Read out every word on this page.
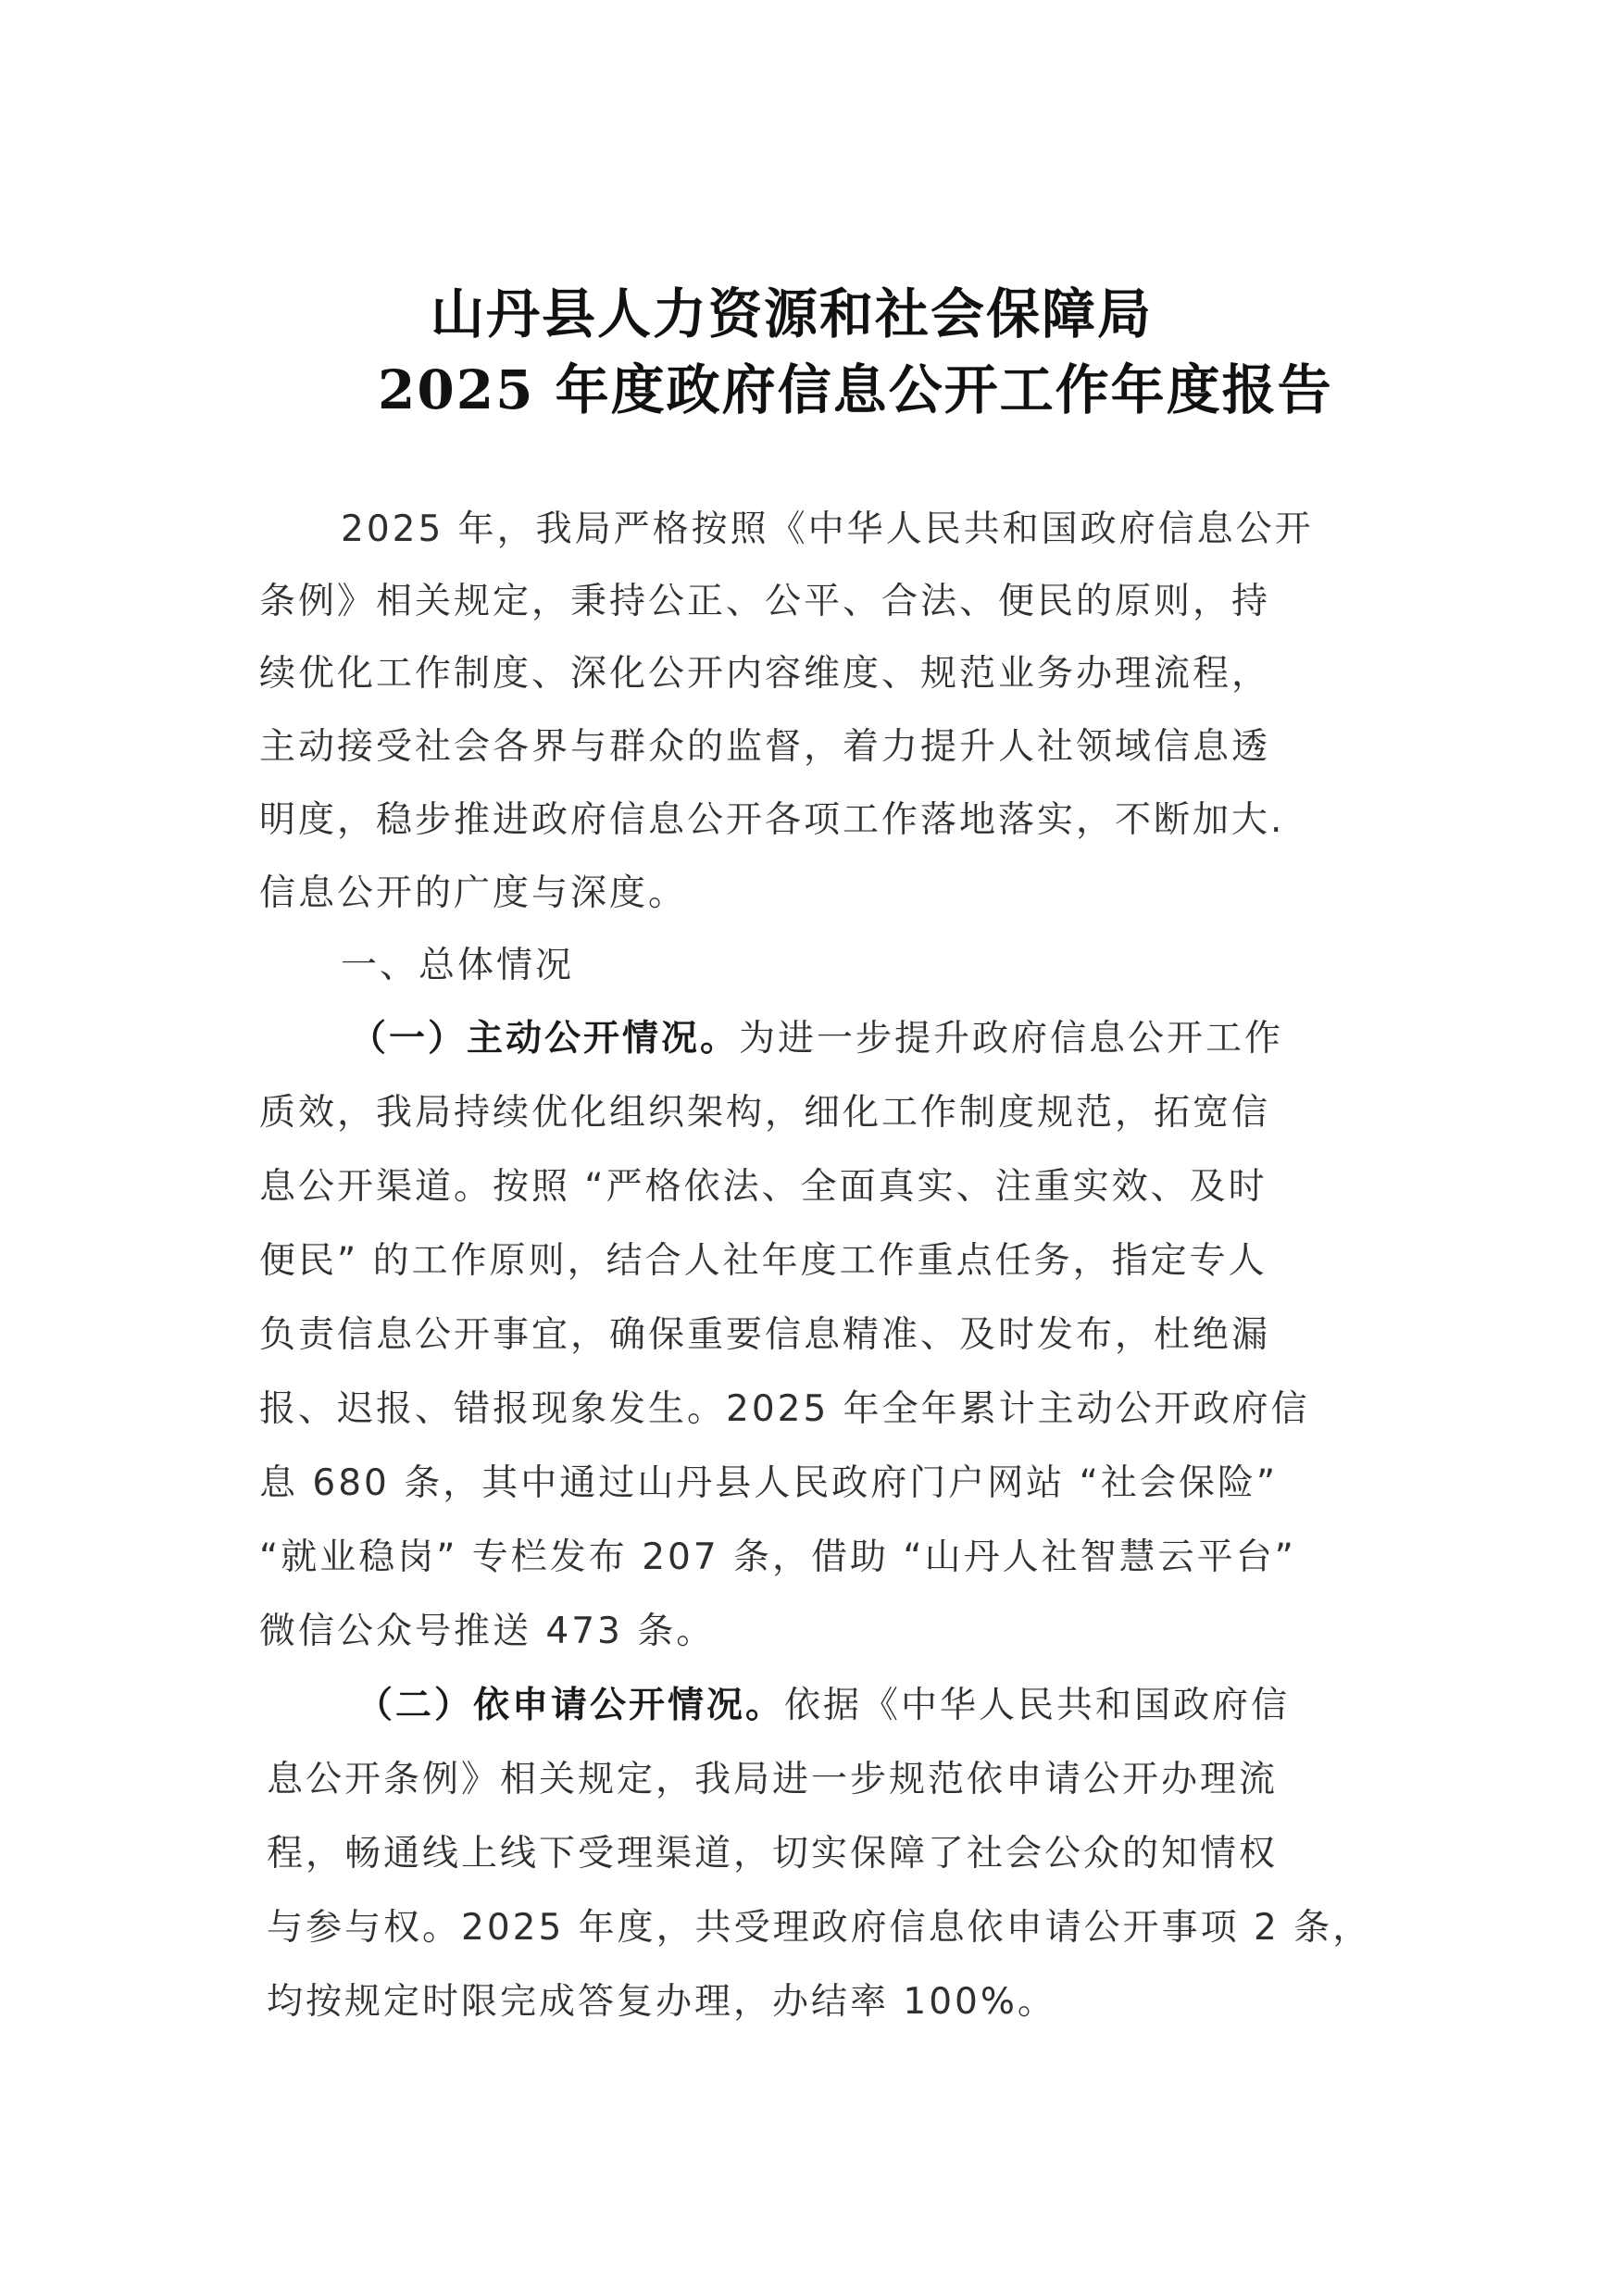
山丹县人力资源和社会保障局
2025 年度政府信息公开工作年度报告
2025 年，我局严格按照《中华人民共和国政府信息公开
条例》相关规定，秉持公正、公平、合法、便民的原则，持
续优化工作制度、深化公开内容维度、规范业务办理流程，
主动接受社会各界与群众的监督，着力提升人社领域信息透
明度，稳步推进政府信息公开各项工作落地落实，不断加大.
信息公开的广度与深度。
一、总体情况
（一）主动公开情况。为进一步提升政府信息公开工作
质效，我局持续优化组织架构，细化工作制度规范，拓宽信
息公开渠道。按照 “严格依法、全面真实、注重实效、及时
便民” 的工作原则，结合人社年度工作重点任务，指定专人
负责信息公开事宜，确保重要信息精准、及时发布，杜绝漏
报、迟报、错报现象发生。2025 年全年累计主动公开政府信
息 680 条，其中通过山丹县人民政府门户网站 “社会保险”
“就业稳岗” 专栏发布 207 条，借助 “山丹人社智慧云平台”
微信公众号推送 473 条。
（二）依申请公开情况。依据《中华人民共和国政府信
息公开条例》相关规定，我局进一步规范依申请公开办理流
程，畅通线上线下受理渠道，切实保障了社会公众的知情权
与参与权。2025 年度，共受理政府信息依申请公开事项 2 条，
均按规定时限完成答复办理，办结率 100%。
